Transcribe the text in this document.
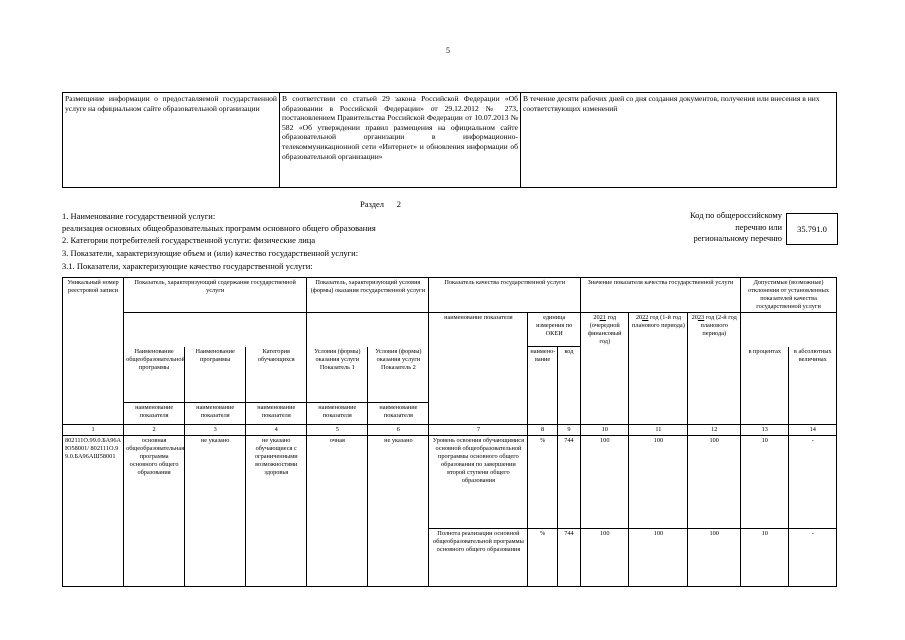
5
Размещение информации о предоставляемой государственной услуге на официальном сайте образовательной организации	В соответствии со статьей 29 закона Российской Федерации «Об образовании в Российской Федерации» от 29.12.2012 № 273, постановлением Правительства Российской Федерации от 10.07.2013 № 582 «Об утверждении правил размещения на официальном сайте образовательной организации в информационно-телекоммуникационной сети «Интернет» и обновления информации об образовательной организации»	В течение десяти рабочих дней со дня создания документов, получения или внесения в них соответствующих изменений
Раздел 2
1. Наименование государственной услуги:
реализация основных общеобразовательных программ основного общего образования
2. Категории потребителей государственной услуги: физические лица
3. Показатели, характеризующие объем и (или) качество государственной услуги:
3.1. Показатели, характеризующие качество государственной услуги:
Код по общероссийскому
перечню или
региональному перечню
35.791.0
Уникальный номер реестровой записи	Показатель, характеризующий содержание государственной услуги			Показатель, характеризующий условия (формы) оказания государственной услуги		Показатель качества государственной услуги			Значение показателя качества государственной услуги			Допустимые (возможные) отклонения от установленных показателей качества государственной услуги	
						наименование показателя	единица измерения по ОКЕИ		2021 год (очередной финансовый год)	2022 год (1-й год планового периода)	2023 год (2-й год планового периода)		
	Наименование общеобразовательной программы	Наименование программы	Категория обучающихся	Условия (формы) оказания услуги Показатель 1	Условия (формы) оказания услуги Показатель 2		наимено-вание	код				в процентах	в абсолютных величинах
	наименование показателя	наименование показателя	наименование показателя	наименование показателя	наименование показателя								
1	2	3	4	5	6	7	8	9	10	11	12	13	14
802111О.99.0.БА96АЮ58001/ 802111О.99.0.БА96АШ58001	основная общеобразовательная программа основного общего образования	не указано	не указано обучающиеся с ограниченными возможностями здоровья	очная	не указано	Уровень освоения обучающимися основной общеобразовательной программы основного общего образования по завершении второй ступени общего образования	%	744	100	100	100	10	-
						Полнота реализации основной общеобразовательной программы основного общего образования	%	744	100	100	100	10	-
